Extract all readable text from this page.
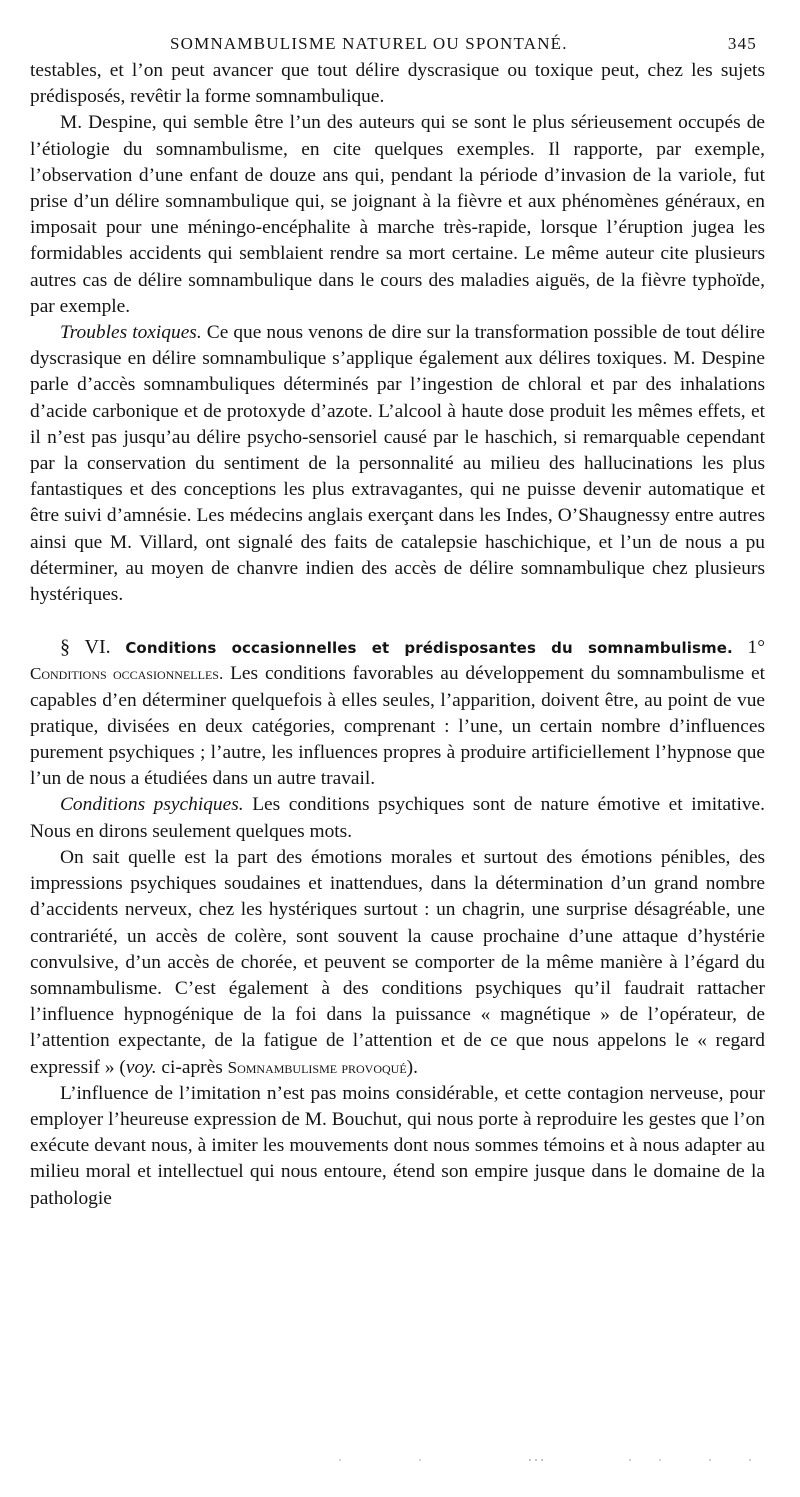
SOMNAMBULISME NATUREL OU SPONTANÉ.	345

testables, et l’on peut avancer que tout délire dyscrasique ou toxique peut, chez les sujets prédisposés, revêtir la forme somnambulique.

M. Despine, qui semble être l’un des auteurs qui se sont le plus sérieusement occupés de l’étiologie du somnambulisme, en cite quelques exemples. Il rapporte, par exemple, l’observation d’une enfant de douze ans qui, pendant la période d’invasion de la variole, fut prise d’un délire somnambulique qui, se joignant à la fièvre et aux phénomènes généraux, en imposait pour une méningo-encéphalite à marche très-rapide, lorsque l’éruption jugea les formidables accidents qui semblaient rendre sa mort certaine. Le même auteur cite plusieurs autres cas de délire somnambulique dans le cours des maladies aiguës, de la fièvre typhoïde, par exemple.

Troubles toxiques. Ce que nous venons de dire sur la transformation possible de tout délire dyscrasique en délire somnambulique s’applique également aux délires toxiques. M. Despine parle d’accès somnambuliques déterminés par l’ingestion de chloral et par des inhalations d’acide carbonique et de protoxyde d’azote. L’alcool à haute dose produit les mêmes effets, et il n’est pas jusqu’au délire psycho-sensoriel causé par le haschich, si remarquable cependant par la conservation du sentiment de la personnalité au milieu des hallucinations les plus fantastiques et des conceptions les plus extravagantes, qui ne puisse devenir automatique et être suivi d’amnésie. Les médecins anglais exerçant dans les Indes, O’Shaugnessy entre autres ainsi que M. Villard, ont signalé des faits de catalepsie haschichique, et l’un de nous a pu déterminer, au moyen de chanvre indien des accès de délire somnambulique chez plusieurs hystériques.

§ VI. Conditions occasionnelles et prédisposantes du somnambulisme. 1° Conditions occasionnelles. Les conditions favorables au développement du somnambulisme et capables d’en déterminer quelquefois à elles seules, l’apparition, doivent être, au point de vue pratique, divisées en deux catégories, comprenant : l’une, un certain nombre d’influences purement psychiques ; l’autre, les influences propres à produire artificiellement l’hypnose que l’un de nous a étudiées dans un autre travail.

Conditions psychiques. Les conditions psychiques sont de nature émotive et imitative. Nous en dirons seulement quelques mots.

On sait quelle est la part des émotions morales et surtout des émotions pénibles, des impressions psychiques soudaines et inattendues, dans la détermination d’un grand nombre d’accidents nerveux, chez les hystériques surtout : un chagrin, une surprise désagréable, une contrariété, un accès de colère, sont souvent la cause prochaine d’une attaque d’hystérie convulsive, d’un accès de chorée, et peuvent se comporter de la même manière à l’égard du somnambulisme. C’est également à des conditions psychiques qu’il faudrait rattacher l’influence hypnogénique de la foi dans la puissance « magnétique » de l’opérateur, de l’attention expectante, de la fatigue de l’attention et de ce que nous appelons le « regard expressif » (voy. ci-après Somnambulisme provoqué).

L’influence de l’imitation n’est pas moins considérable, et cette contagion nerveuse, pour employer l’heureuse expression de M. Bouchut, qui nous porte à reproduire les gestes que l’on exécute devant nous, à imiter les mouvements dont nous sommes témoins et à nous adapter au milieu moral et intellectuel qui nous entoure, étend son empire jusque dans le domaine de la pathologie
